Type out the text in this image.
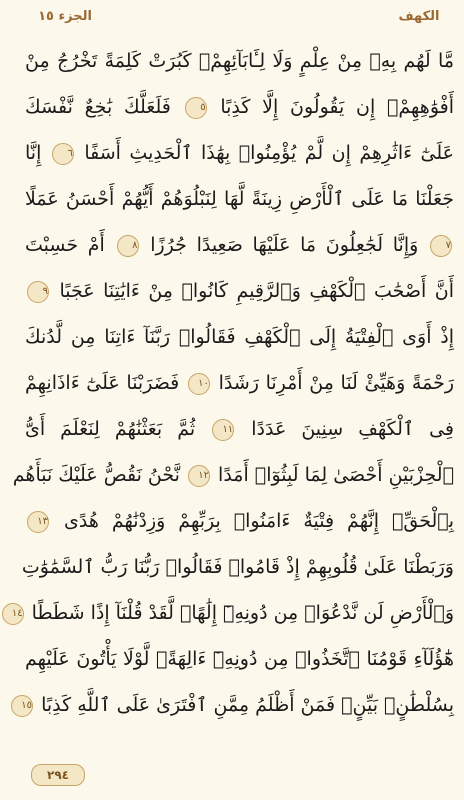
الكهف
الجزء ١٥
مَّا لَهُم بِهِۦ مِنْ عِلْمٍ وَلَا لِـَٔابَآئِهِمْۚ كَبُرَتْ كَلِمَةً تَخْرُجُ مِنْ
أَفْوَٰهِهِمْۚ إِن يَقُولُونَ إِلَّا كَذِبًا ٥ فَلَعَلَّكَ بَٰخِعٌ نَّفْسَكَ
عَلَىٰٓ ءَاثَٰرِهِمْ إِن لَّمْ يُؤْمِنُوا۟ بِهَٰذَا ٱلْحَدِيثِ أَسَفًا ٦ إِنَّا
جَعَلْنَا مَا عَلَى ٱلْأَرْضِ زِينَةً لَّهَا لِنَبْلُوَهُمْ أَيُّهُمْ أَحْسَنُ عَمَلًا
٧ وَإِنَّا لَجَٰعِلُونَ مَا عَلَيْهَا صَعِيدًا جُرُزًا ٨ أَمْ حَسِبْتَ
أَنَّ أَصْحَٰبَ ٱلْكَهْفِ وَٱلرَّقِيمِ كَانُوا۟ مِنْ ءَايَٰتِنَا عَجَبًا ٩
إِذْ أَوَى ٱلْفِتْيَةُ إِلَى ٱلْكَهْفِ فَقَالُوا۟ رَبَّنَآ ءَاتِنَا مِن لَّدُنكَ
رَحْمَةً وَهَيِّئْ لَنَا مِنْ أَمْرِنَا رَشَدًا ١٠ فَضَرَبْنَا عَلَىٰٓ ءَاذَانِهِمْ
فِى ٱلْكَهْفِ سِنِينَ عَدَدًا ١١ ثُمَّ بَعَثْنَٰهُمْ لِنَعْلَمَ أَىُّ
ٱلْحِزْبَيْنِ أَحْصَىٰ لِمَا لَبِثُوٓا۟ أَمَدًا ١٢ نَّحْنُ نَقُصُّ عَلَيْكَ نَبَأَهُم
بِٱلْحَقِّۚ إِنَّهُمْ فِتْيَةٌ ءَامَنُوا۟ بِرَبِّهِمْ وَزِدْنَٰهُمْ هُدًى ١٣
وَرَبَطْنَا عَلَىٰ قُلُوبِهِمْ إِذْ قَامُوا۟ فَقَالُوا۟ رَبُّنَا رَبُّ ٱلسَّمَٰوَٰتِ
وَٱلْأَرْضِ لَن نَّدْعُوَا۟ مِن دُونِهِۦٓ إِلَٰهًاۖ لَّقَدْ قُلْنَآ إِذًا شَطَطًا ١٤
هَٰٓؤُلَآءِ قَوْمُنَا ٱتَّخَذُوا۟ مِن دُونِهِۦٓ ءَالِهَةًۖ لَّوْلَا يَأْتُونَ عَلَيْهِم
بِسُلْطَٰنٍۭ بَيِّنٍۖ فَمَنْ أَظْلَمُ مِمَّنِ ٱفْتَرَىٰ عَلَى ٱللَّهِ كَذِبًا ١٥
٢٩٤
